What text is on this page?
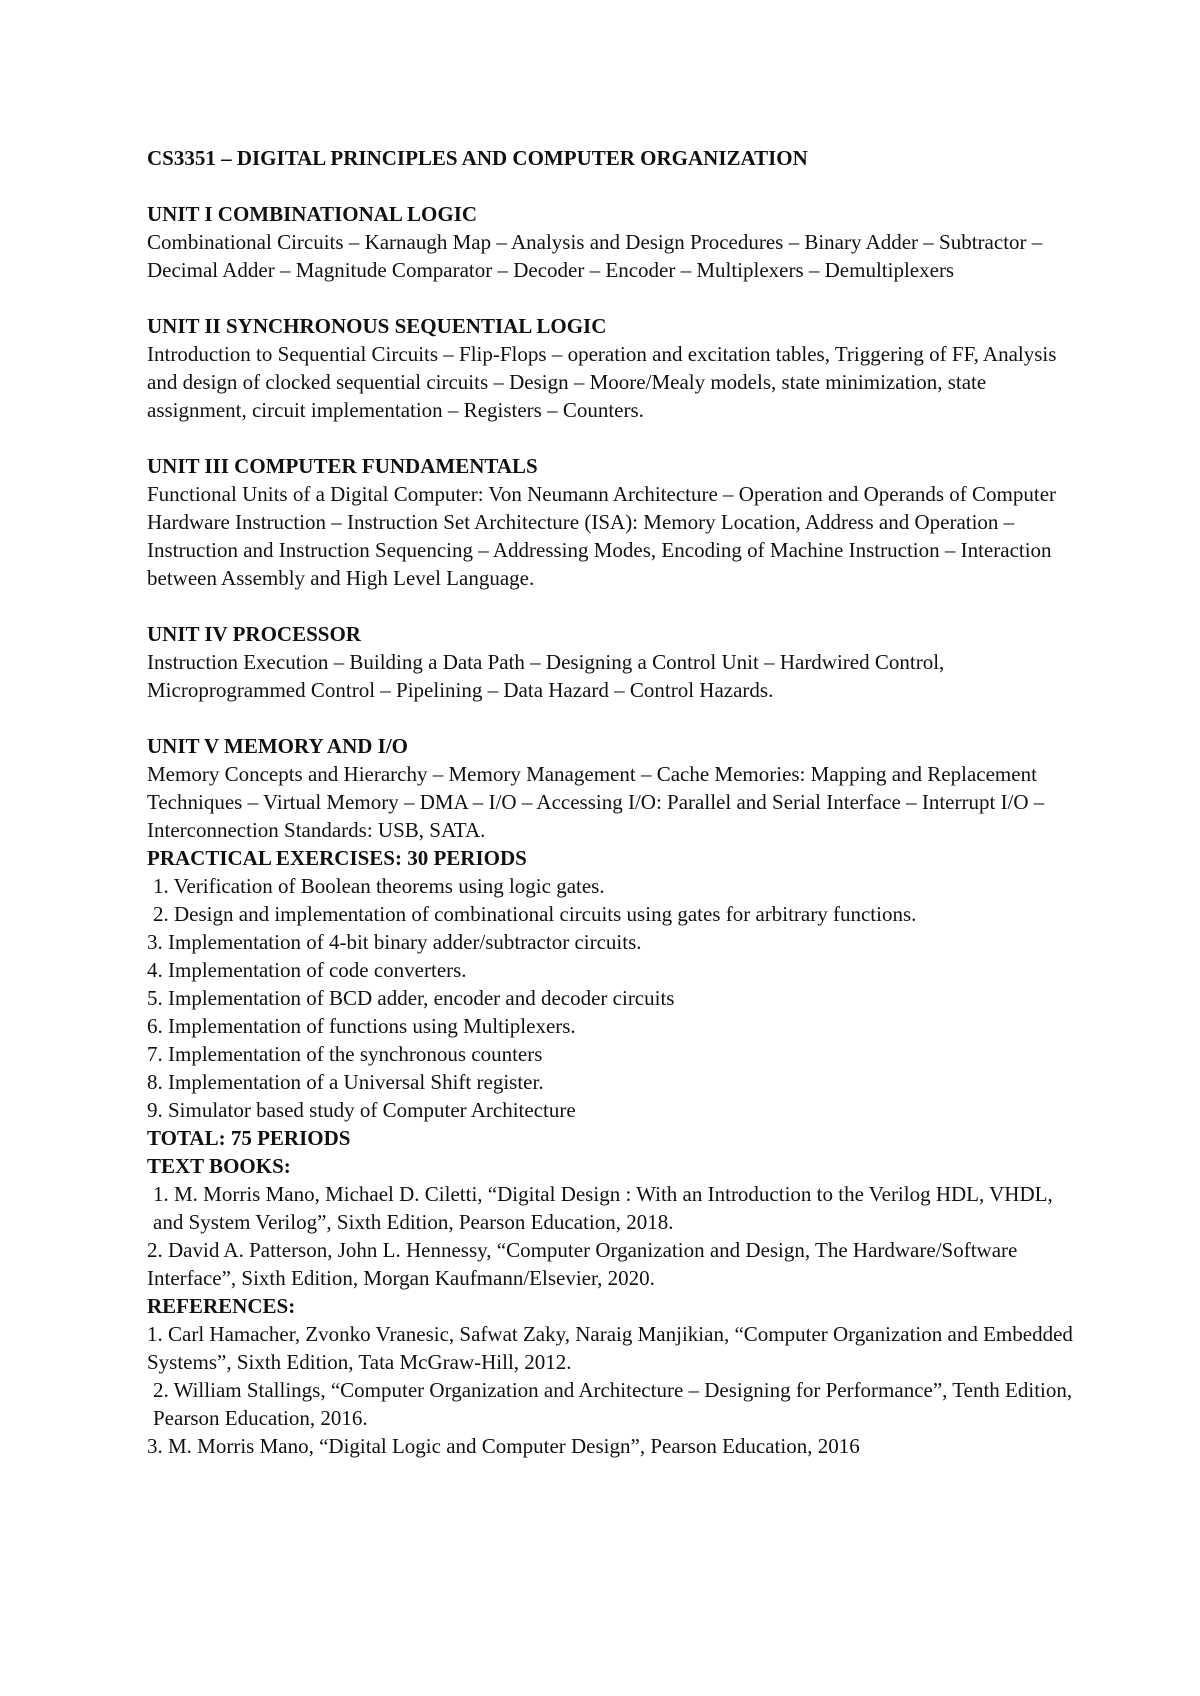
CS3351 – DIGITAL PRINCIPLES AND COMPUTER ORGANIZATION

UNIT I COMBINATIONAL LOGIC

Combinational Circuits – Karnaugh Map – Analysis and Design Procedures – Binary Adder – Subtractor – Decimal Adder – Magnitude Comparator – Decoder – Encoder – Multiplexers – Demultiplexers

UNIT II SYNCHRONOUS SEQUENTIAL LOGIC

Introduction to Sequential Circuits – Flip-Flops – operation and excitation tables, Triggering of FF, Analysis and design of clocked sequential circuits – Design – Moore/Mealy models, state minimization, state assignment, circuit implementation – Registers – Counters.

UNIT III COMPUTER FUNDAMENTALS

Functional Units of a Digital Computer: Von Neumann Architecture – Operation and Operands of Computer Hardware Instruction – Instruction Set Architecture (ISA): Memory Location, Address and Operation – Instruction and Instruction Sequencing – Addressing Modes, Encoding of Machine Instruction – Interaction between Assembly and High Level Language.

UNIT IV PROCESSOR

Instruction Execution – Building a Data Path – Designing a Control Unit – Hardwired Control, Microprogrammed Control – Pipelining – Data Hazard – Control Hazards.

UNIT V MEMORY AND I/O

Memory Concepts and Hierarchy – Memory Management – Cache Memories: Mapping and Replacement Techniques – Virtual Memory – DMA – I/O – Accessing I/O: Parallel and Serial Interface – Interrupt I/O – Interconnection Standards: USB, SATA.

PRACTICAL EXERCISES: 30 PERIODS

1. Verification of Boolean theorems using logic gates.
2. Design and implementation of combinational circuits using gates for arbitrary functions.
3. Implementation of 4-bit binary adder/subtractor circuits.
4. Implementation of code converters.
5. Implementation of BCD adder, encoder and decoder circuits
6. Implementation of functions using Multiplexers.
7. Implementation of the synchronous counters
8. Implementation of a Universal Shift register.
9. Simulator based study of Computer Architecture

TOTAL: 75 PERIODS

TEXT BOOKS:

1. M. Morris Mano, Michael D. Ciletti, “Digital Design : With an Introduction to the Verilog HDL, VHDL, and System Verilog”, Sixth Edition, Pearson Education, 2018.
2. David A. Patterson, John L. Hennessy, “Computer Organization and Design, The Hardware/Software Interface”, Sixth Edition, Morgan Kaufmann/Elsevier, 2020.

REFERENCES:

1. Carl Hamacher, Zvonko Vranesic, Safwat Zaky, Naraig Manjikian, “Computer Organization and Embedded Systems”, Sixth Edition, Tata McGraw-Hill, 2012.
2. William Stallings, “Computer Organization and Architecture – Designing for Performance”, Tenth Edition, Pearson Education, 2016.
3. M. Morris Mano, “Digital Logic and Computer Design”, Pearson Education, 2016
